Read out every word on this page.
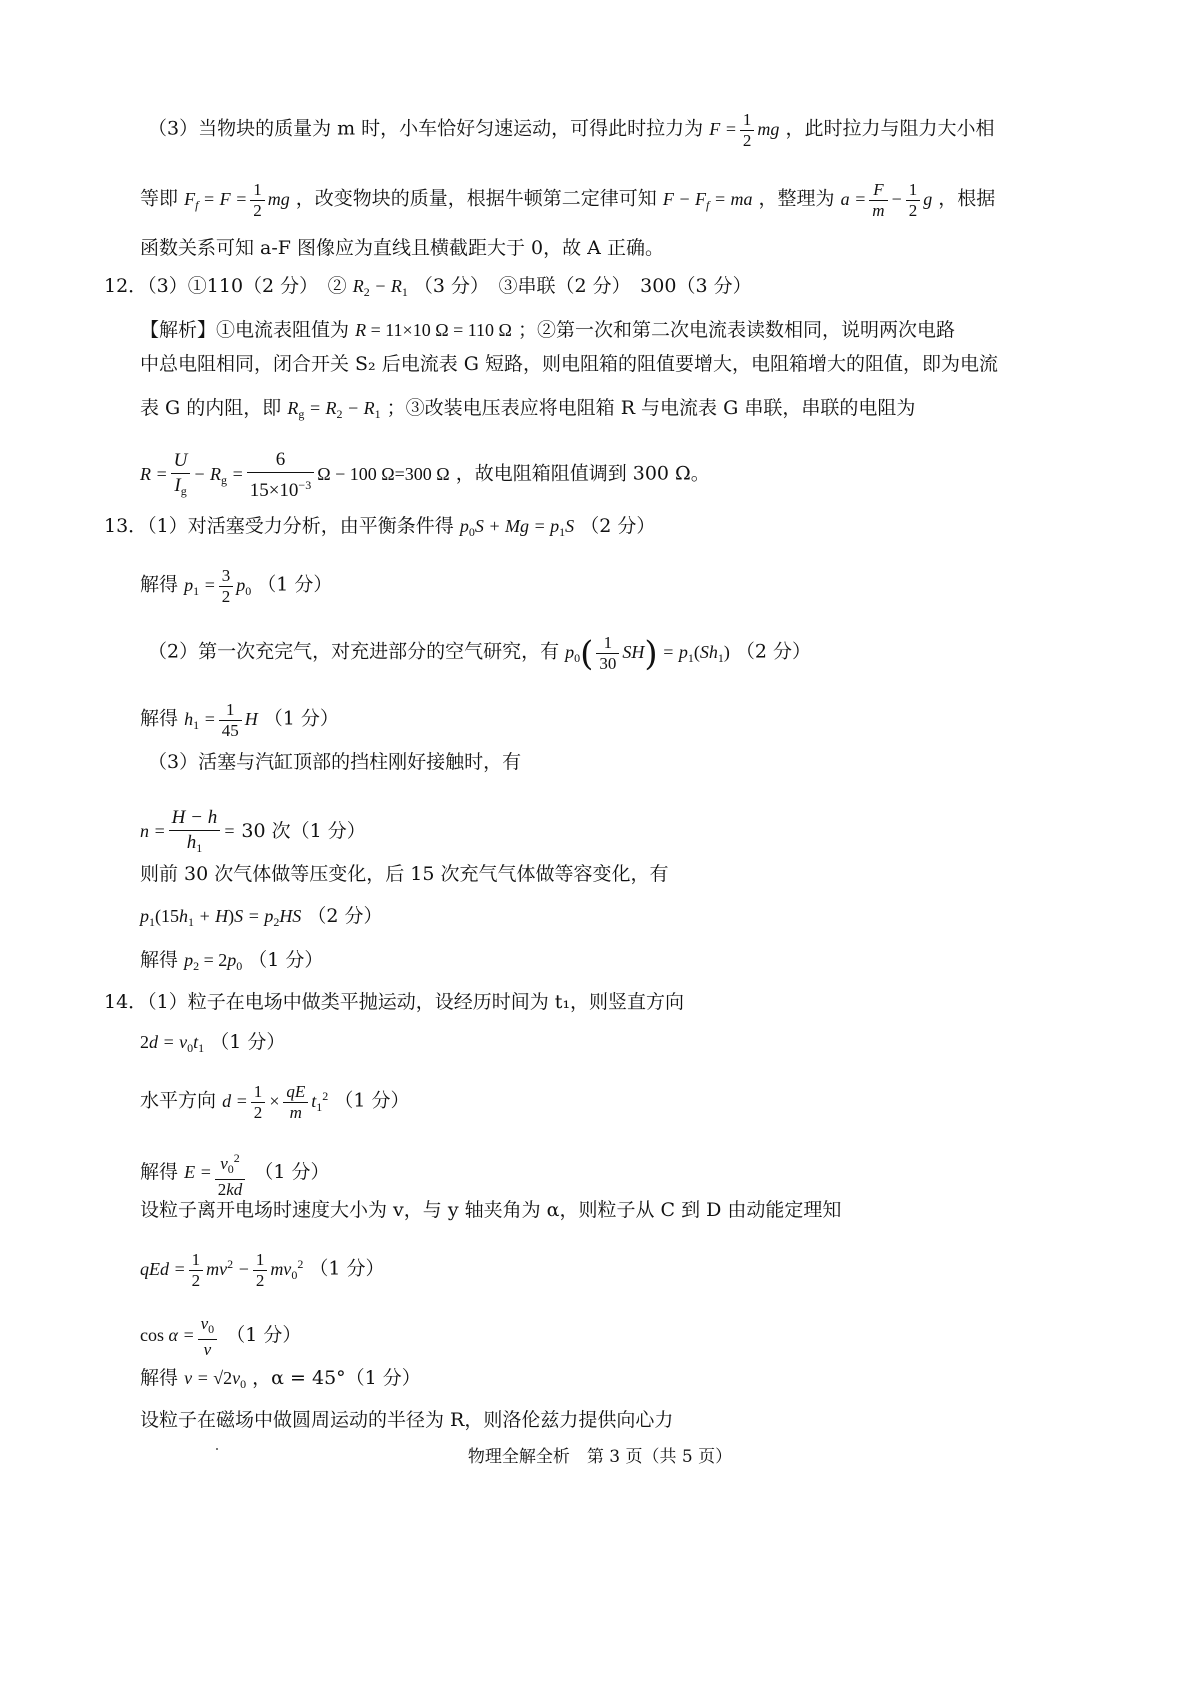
（3）当物块的质量为 m 时，小车恰好匀速运动，可得此时拉力为 $F = \frac{1}{2}$ mg ，此时拉力与阻力大小相
等即 $F_f = F = \frac{1}{2}$ mg ，改变物块的质量，根据牛顿第二定律可知 $F - F_f$ = ma ，整理为 $a = \frac{F}{m} - \frac{1}{2}$ g ，根据
函数关系可知 a-F 图像应为直线且横截距大于 0，故 A 正确。
12．（3）①110（2 分）　② $R_2 - R_1$ （3 分）　③串联（2 分）　300（3 分）
【解析】①电流表阻值为 R = 11×10 Ω = 110 Ω ；②第一次和第二次电流表读数相同，说明两次电路
中总电阻相同，闭合开关 S₂ 后电流表 G 短路，则电阻箱的阻值要增大，电阻箱增大的阻值，即为电流
表 G 的内阻，即 $R_g = R_2 - R_1$ ；③改装电压表应将电阻箱 R 与电流表 G 串联，串联的电阻为
$R = \frac{U}{I_g} - R_g = \frac{6}{15\times 10^{-3}}$ Ω − 100 Ω=300 Ω ，故电阻箱阻值调到 300 Ω。
13．（1）对活塞受力分析，由平衡条件得 $p_0S + Mg = p_1S$ （2 分）
解得 $p_1 = \frac{3}{2} p_0$ （1 分）
（2）第一次充完气，对充进部分的空气研究，有 $p_0( \frac{1}{30} SH) = p_1(Sh_1)$ （2 分）
解得 $h_1 = \frac{1}{45}$ H （1 分）
（3）活塞与汽缸顶部的挡柱刚好接触时，有
$n = \frac{H - h}{h_1} = 30$ 次（1 分）
则前 30 次气体做等压变化，后 15 次充气气体做等容变化，有
$p_1(15h_1 + H)S = p_2HS$ （2 分）
解得 $p_2 = 2p_0$ （1 分）
14．（1）粒子在电场中做类平抛运动，设经历时间为 t₁，则竖直方向
$2d = v_0t_1$ （1 分）
水平方向 $d = \frac{1}{2} \times \frac{qE}{m} t_1^2$ （1 分）
解得 $E = \frac{v_0^2}{2kd} (1$ 分）
设粒子离开电场时速度大小为 v，与 y 轴夹角为 α，则粒子从 C 到 D 由动能定理知
qEd = $\frac{1}{2} mv^2 - \frac{1}{2} mv_0^2$ （1 分）
$\cos \alpha = \frac{v_0}{v} (1$ 分）
解得 $v = √2v_0$ ，α = 45°（1 分）
设粒子在磁场中做圆周运动的半径为 R，则洛伦兹力提供向心力
物理全解全析　第 3 页（共 5 页）
